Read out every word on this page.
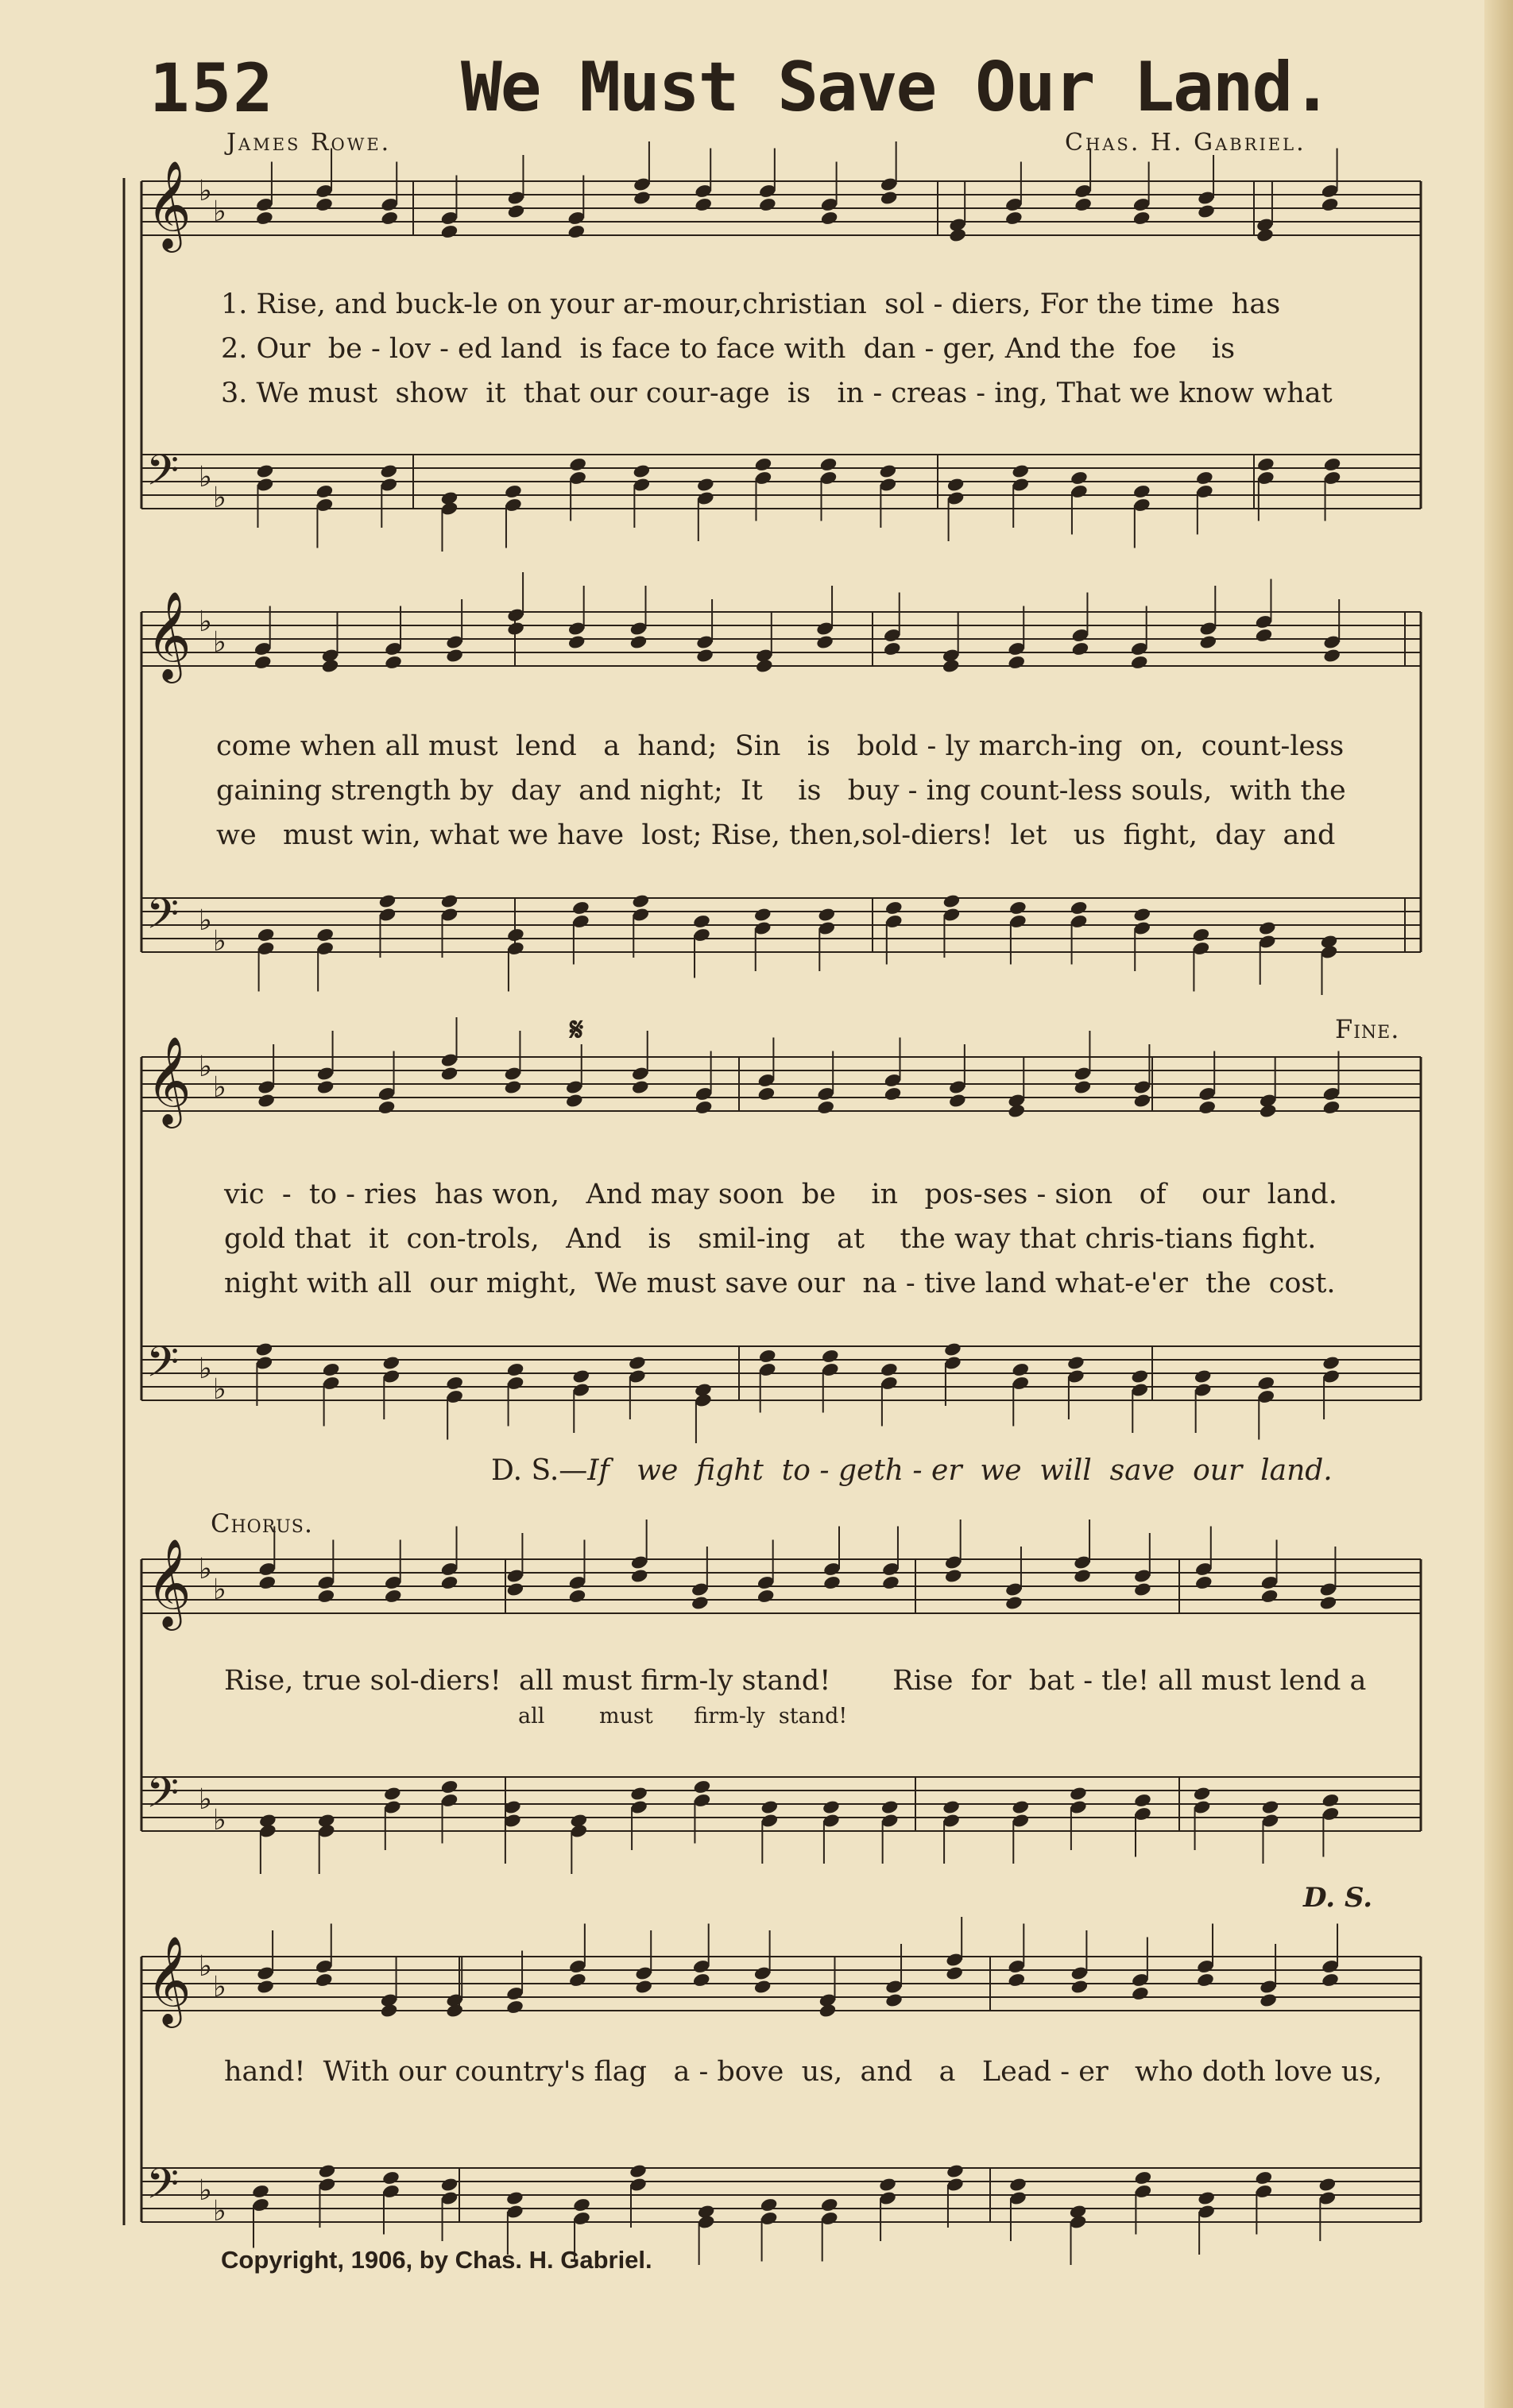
152	We Must Save Our Land.
James Rowe.	Chas. H. Gabriel.
𝄞 ♭
♭
𝄢 ♭
♭
𝄞 ♭
♭
𝄢 ♭
♭
𝄞 ♭
♭
𝄢 ♭
♭
𝄞 ♭
♭
𝄢 ♭
♭
𝄞 ♭
♭
𝄢 ♭
♭
1. Rise, and buck-le on your ar-mour,christian  sol - diers, For the time  has
2. Our  be - lov - ed land  is face to face with  dan - ger, And the  foe    is
3. We must  show  it  that our cour-age  is   in - creas - ing, That we know what
come when all must  lend   a  hand;  Sin   is   bold - ly march-ing  on,  count-less
gaining strength by  day  and night;  It    is   buy - ing count-less souls,  with the
we   must win, what we have  lost; Rise, then,sol-diers!  let   us  fight,  day  and
vic  -  to - ries  has won,   And may soon  be    in   pos-ses - sion   of    our  land.
gold that  it  con-trols,   And   is   smil-ing   at    the way that chris-tians fight.
night with all  our might,  We must save our  na - tive land what-e'er  the  cost.
Fine.
𝄋
D. S.—If   we  fight  to - geth - er  we  will  save  our  land.
Chorus.
Rise, true sol-diers!  all must firm-ly stand!       Rise  for  bat - tle! all must lend a
all        must      firm-ly  stand!
D. S.
hand!  With our country's flag   a - bove  us,  and   a   Lead - er   who doth love us,
Copyright, 1906, by Chas. H. Gabriel.
